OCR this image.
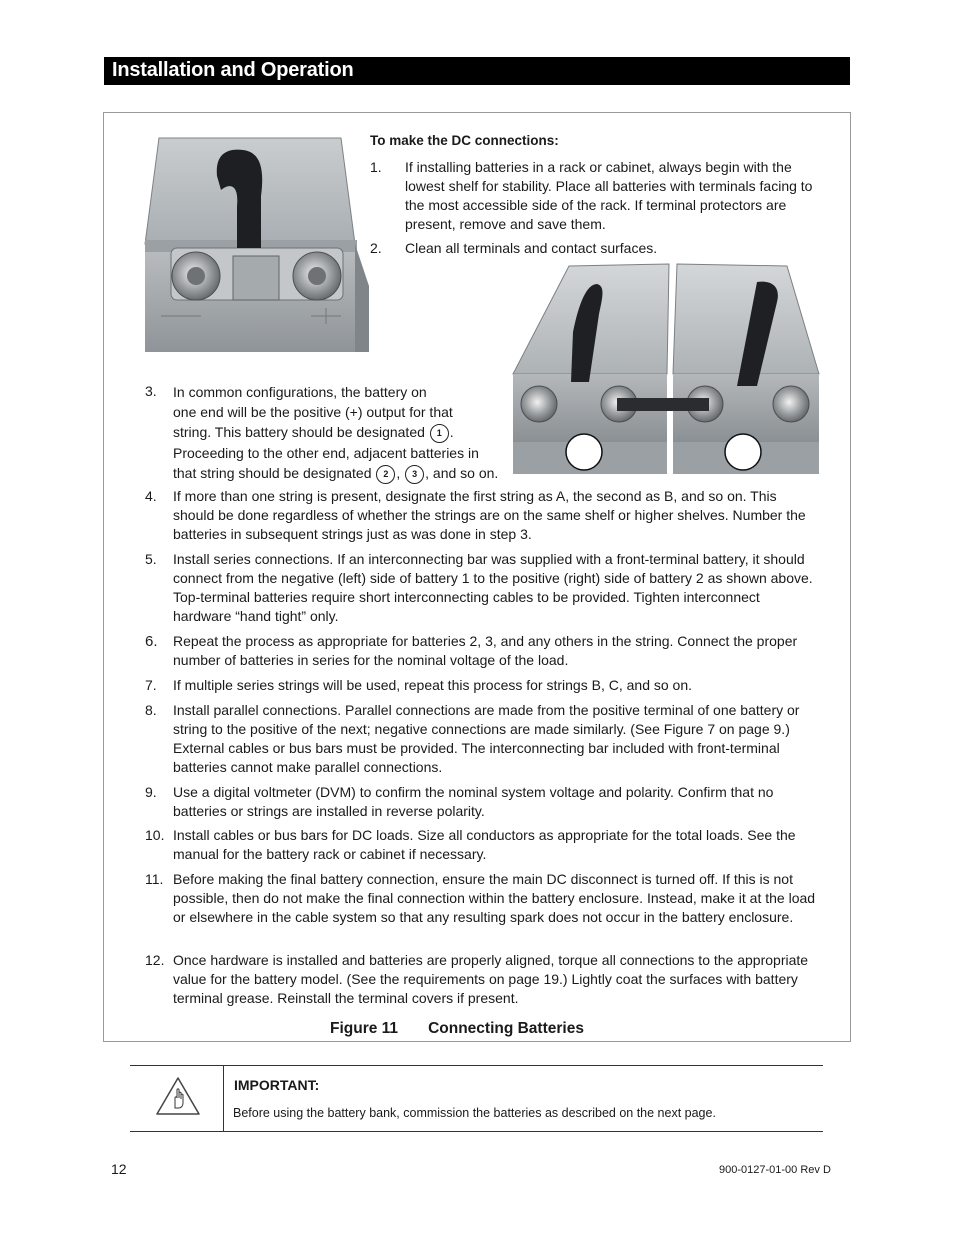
Installation and Operation
To make the DC connections:
1. If installing batteries in a rack or cabinet, always begin with the lowest shelf for stability. Place all batteries with terminals facing to the most accessible side of the rack. If terminal protectors are present, remove and save them.
2. Clean all terminals and contact surfaces.
3. In common configurations, the battery on
one end will be the positive (+) output for that
string. This battery should be designated 1 .
Proceeding to the other end, adjacent batteries in
that string should be designated 2 , 3 , and so on.
4. If more than one string is present, designate the first string as A, the second as B, and so on. This should be done regardless of whether the strings are on the same shelf or higher shelves. Number the batteries in subsequent strings just as was done in step 3.
5. Install series connections. If an interconnecting bar was supplied with a front-terminal battery, it should connect from the negative (left) side of battery 1 to the positive (right) side of battery 2 as shown above. Top-terminal batteries require short interconnecting cables to be provided. Tighten interconnect hardware “hand tight” only.
6. Repeat the process as appropriate for batteries 2, 3, and any others in the string. Connect the proper number of batteries in series for the nominal voltage of the load.
7. If multiple series strings will be used, repeat this process for strings B, C, and so on.
8. Install parallel connections. Parallel connections are made from the positive terminal of one battery or string to the positive of the next; negative connections are made similarly. (See Figure 7 on page 9.) External cables or bus bars must be provided. The interconnecting bar included with front-terminal batteries cannot make parallel connections.
9. Use a digital voltmeter (DVM) to confirm the nominal system voltage and polarity. Confirm that no batteries or strings are installed in reverse polarity.
10. Install cables or bus bars for DC loads. Size all conductors as appropriate for the total loads. See the manual for the battery rack or cabinet if necessary.
11. Before making the final battery connection, ensure the main DC disconnect is turned off. If this is not possible, then do not make the final connection within the battery enclosure. Instead, make it at the load or elsewhere in the cable system so that any resulting spark does not occur in the battery enclosure.
12. Once hardware is installed and batteries are properly aligned, torque all connections to the appropriate value for the battery model. (See the requirements on page 19.) Lightly coat the surfaces with battery terminal grease. Reinstall the terminal covers if present.
Figure 11 Connecting Batteries
IMPORTANT:
Before using the battery bank, commission the batteries as described on the next page.
12	900-0127-01-00 Rev D
